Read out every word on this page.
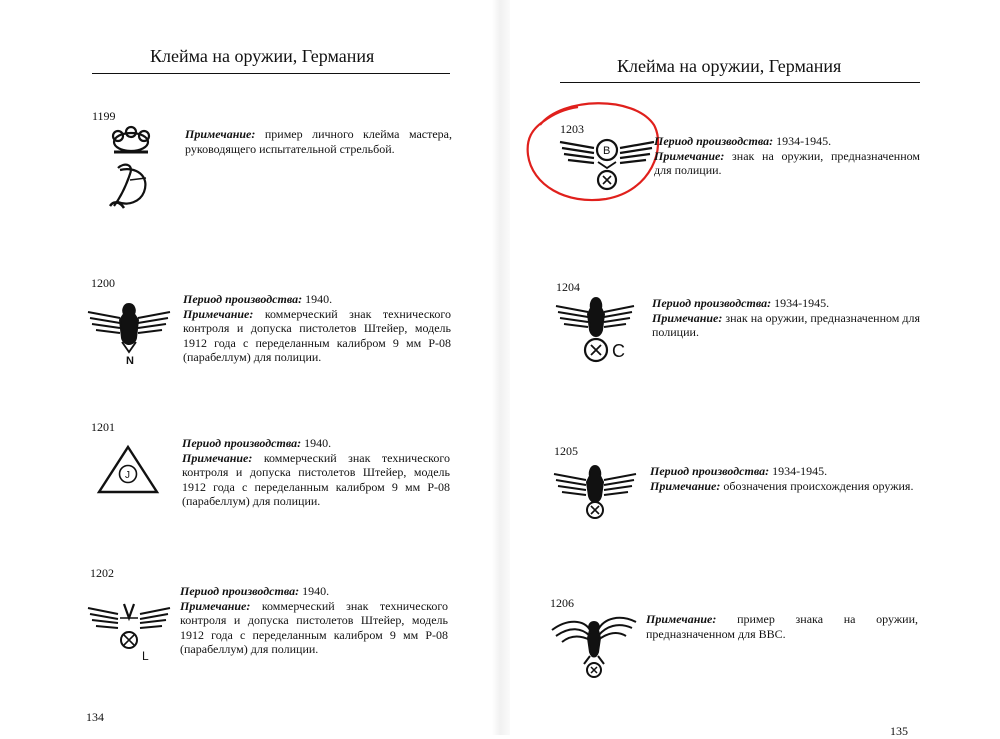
Клейма на оружии, Германия
1199

Примечание: пример личного клейма мастера, руководящего испытательной стрельбой.

1200
N

Период производства: 1940.

Примечание: коммерческий знак технического контроля и допуска пистолетов Штейер, модель 1912 года с переделанным калибром 9 мм Р-08 (парабеллум) для полиции.

1201
J

Период производства: 1940.

Примечание: коммерческий знак технического контроля и допуска пистолетов Штейер, модель 1912 года с переделанным калибром 9 мм Р-08 (парабеллум) для полиции.

1202
L

Период производства: 1940.

Примечание: коммерческий знак технического контроля и допуска пистолетов Штейер, модель 1912 года с переделанным калибром 9 мм Р-08 (парабеллум) для полиции.

134
Клейма на оружии, Германия
1203
B

Период производства: 1934-1945.

Примечание: знак на оружии, предназначенном для полиции.

1204
C

Период производства: 1934-1945.

Примечание: знак на оружии, предназначенном для полиции.

1205

Период производства: 1934-1945.

Примечание: обозначения происхождения оружия.

1206

Примечание: пример знака на оружии, предназначенном для ВВС.

135
